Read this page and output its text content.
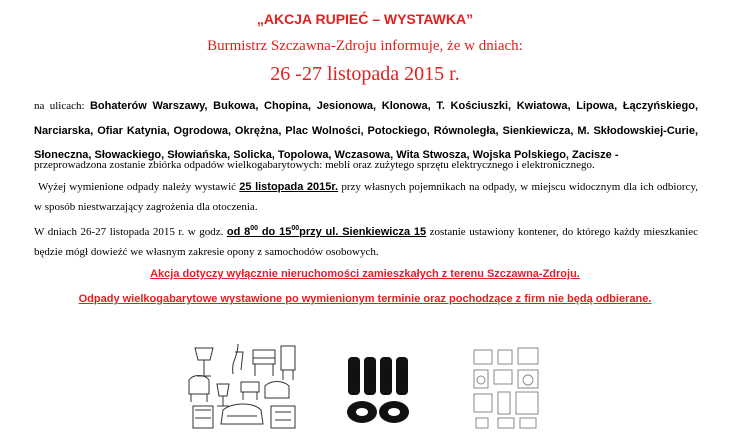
„AKCJA RUPIEĆ – WYSTAWKA”
Burmistrz Szczawna-Zdroju informuje, że w dniach:
26 -27 listopada 2015 r.
na ulicach: Bohaterów Warszawy, Bukowa, Chopina, Jesionowa, Klonowa, T. Kościuszki, Kwiatowa, Lipowa, Łączyńskiego, Narciarska, Ofiar Katynia, Ogrodowa, Okrężna, Plac Wolności, Potockiego, Równoległa, Sienkiewicza, M. Skłodowskiej-Curie, Słoneczna, Słowackiego, Słowiańska, Solicka, Topolowa, Wczasowa, Wita Stwosza, Wojska Polskiego, Zacisze -
przeprowadzona zostanie zbiórka odpadów wielkogabarytowych: mebli oraz zużytego sprzętu elektrycznego i elektronicznego.
Wyżej wymienione odpady należy wystawić 25 listopada 2015r. przy własnych pojemnikach na odpady, w miejscu widocznym dla ich odbiorcy, w sposób niestwarzający zagrożenia dla otoczenia.
W dniach 26-27 listopada 2015 r. w godz. od $8^{00}$ do $15^{00}przy$ ul. Sienkiewicza 15 zostanie ustawiony kontener, do którego każdy mieszkaniec będzie mógł dowieźć we własnym zakresie opony z samochodów osobowych.
Akcja dotyczy wyłącznie nieruchomości zamieszkałych z terenu Szczawna-Zdroju.
Odpady wielkogabarytowe wystawione po wymienionym terminie oraz pochodzące z firm nie będą odbierane.
